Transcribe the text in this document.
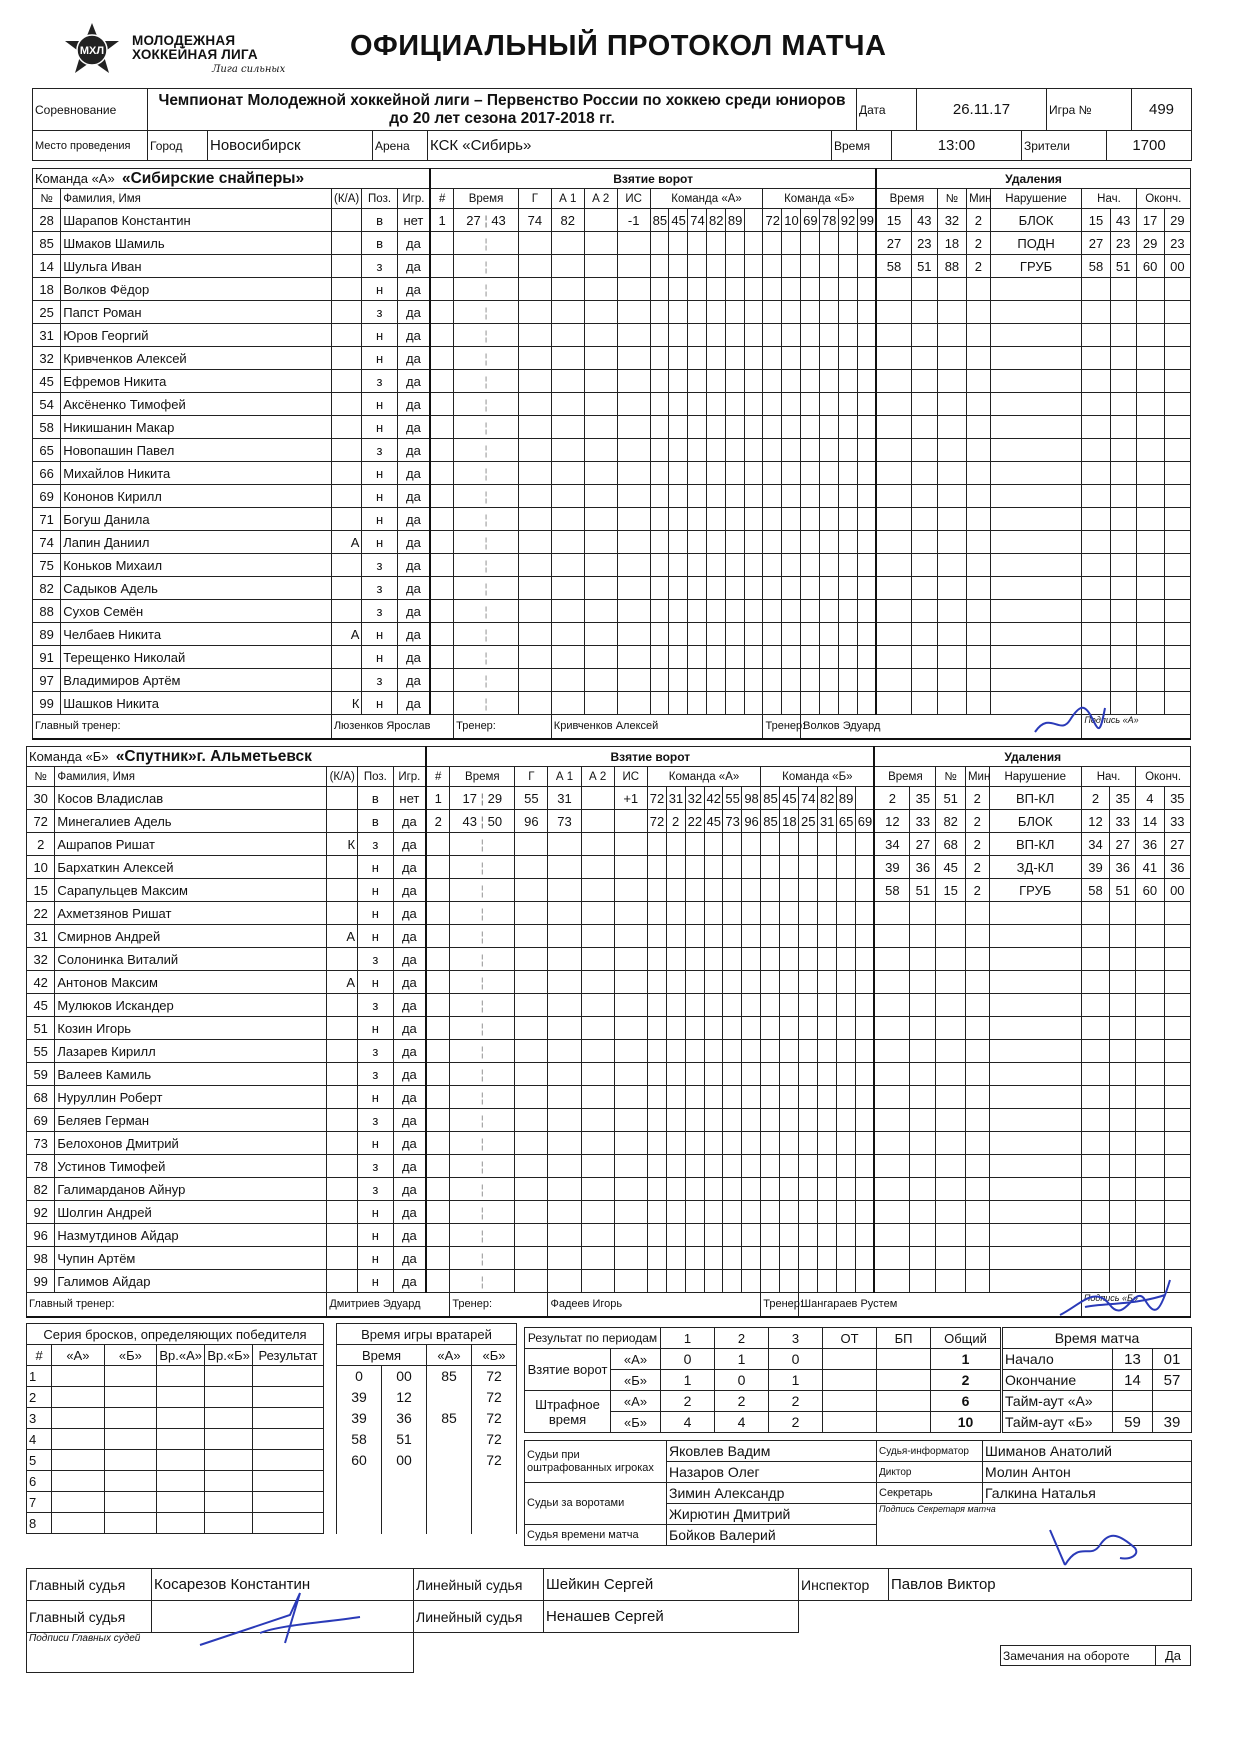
МХЛ
МОЛОДЕЖНАЯ
ХОККЕЙНАЯ ЛИГА
Лига сильных
ОФИЦИАЛЬНЫЙ ПРОТОКОЛ МАТЧА
Соревнование	Чемпионат Молодежной хоккейной лиги – Первенство России по хоккею среди юниоров до 20 лет сезона 2017-2018 гг.	Дата	26.11.17	Игра №	499
Место проведения	Город	Новосибирск	Арена	КСК «Сибирь»	Время	13:00	Зрители	1700
Команда «А» «Сибирские снайперы»					Взятие ворот																		Удаления								
№	Фамилия, Имя	(К/А)	Поз.	Игр.	#	Время	Г	А 1	А 2	ИС	Команда «А»						Команда «Б»						Время		№	Мин	Нарушение	Нач.		Оконч.	
28	Шарапов Константин		в	нет	1	27 ¦ 43	74	82		-1	85	45	74	82	89		72	10	69	78	92	99	15	43	32	2	БЛОК	15	43	17	29
85	Шмаков Шамиль		в	да		¦																	27	23	18	2	ПОДН	27	23	29	23
14	Шульга Иван		з	да		¦																	58	51	88	2	ГРУБ	58	51	60	00
18	Волков Фёдор		н	да		¦																									
25	Папст Роман		з	да		¦																									
31	Юров Георгий		н	да		¦																									
32	Кривченков Алексей		н	да		¦																									
45	Ефремов Никита		з	да		¦																									
54	Аксёненко Тимофей		н	да		¦																									
58	Никишанин Макар		н	да		¦																									
65	Новопашин Павел		з	да		¦																									
66	Михайлов Никита		н	да		¦																									
69	Кононов Кирилл		н	да		¦																									
71	Богуш Данила		н	да		¦																									
74	Лапин Даниил	А	н	да		¦																									
75	Коньков Михаил		з	да		¦																									
82	Садыков Адель		з	да		¦																									
88	Сухов Семён		з	да		¦																									
89	Челбаев Никита	А	н	да		¦																									
91	Терещенко Николай		н	да		¦																									
97	Владимиров Артём		з	да		¦																									
99	Шашков Никита	К	н	да		¦																									
Главный тренер:		Люзенков Ярослав				Тренер:		Кривченков Алексей									Тренер:		Волков Эдуард									Подпись «А»			
Команда «Б» «Спутник»г. Альметьевск					Взятие ворот																		Удаления								
№	Фамилия, Имя	(К/А)	Поз.	Игр.	#	Время	Г	А 1	А 2	ИС	Команда «А»						Команда «Б»						Время		№	Мин	Нарушение	Нач.		Оконч.	
30	Косов Владислав		в	нет	1	17 ¦ 29	55	31		+1	72	31	32	42	55	98	85	45	74	82	89		2	35	51	2	ВП-КЛ	2	35	4	35
72	Минегалиев Адель		в	да	2	43 ¦ 50	96	73			72	2	22	45	73	96	85	18	25	31	65	69	12	33	82	2	БЛОК	12	33	14	33
2	Ашрапов Ришат	К	з	да		¦																	34	27	68	2	ВП-КЛ	34	27	36	27
10	Бархаткин Алексей		н	да		¦																	39	36	45	2	ЗД-КЛ	39	36	41	36
15	Сарапульцев Максим		н	да		¦																	58	51	15	2	ГРУБ	58	51	60	00
22	Ахметзянов Ришат		н	да		¦																									
31	Смирнов Андрей	А	н	да		¦																									
32	Солонинка Виталий		з	да		¦																									
42	Антонов Максим	А	н	да		¦																									
45	Мулюков Искандер		з	да		¦																									
51	Козин Игорь		н	да		¦																									
55	Лазарев Кирилл		з	да		¦																									
59	Валеев Камиль		з	да		¦																									
68	Нуруллин Роберт		н	да		¦																									
69	Беляев Герман		з	да		¦																									
73	Белохонов Дмитрий		н	да		¦																									
78	Устинов Тимофей		з	да		¦																									
82	Галимарданов Айнур		з	да		¦																									
92	Шолгин Андрей		н	да		¦																									
96	Назмутдинов Айдар		н	да		¦																									
98	Чупин Артём		н	да		¦																									
99	Галимов Айдар		н	да		¦																									
Главный тренер:		Дмитриев Эдуард				Тренер:		Фадеев Игорь									Тренер:		Шангараев Рустем									Подпись «Б»			
Серия бросков, определяющих победителя					
#	«А»	«Б»	Вр.«А»	Вр.«Б»	Результат
1					
2					
3					
4					
5					
6					
7					
8					
Время игры вратарей			
Время		«А»	«Б»
0	00	85	72
39	12		72
39	36	85	72
58	51		72
60	00		72

Результат по периодам		1	2	3	ОТ	БП	Общий
Взятие ворот	«А»	0	1	0			1
	«Б»	1	0	1			2
Штрафное время	«А»	2	2	2			6
	«Б»	4	4	2			10
Время матча		
Начало	13	01
Окончание	14	57
Тайм-аут «А»		
Тайм-аут «Б»	59	39
Судьи при оштрафованных игроках	Яковлев Вадим	Судья-информатор	Шиманов Анатолий
	Назаров Олег	Диктор	Молин Антон
Судьи за воротами	Зимин Александр	Секретарь	Галкина Наталья
	Жирютин Дмитрий	Подпись Секретаря матча	
Судья времени матча	Бойков Валерий		
Главный судья	Косарезов Константин	Линейный судья	Шейкин Сергей	Инспектор	Павлов Виктор
Главный судья		Линейный судья	Ненашев Сергей		
Подписи Главных судей					
Замечания на обороте	Да
